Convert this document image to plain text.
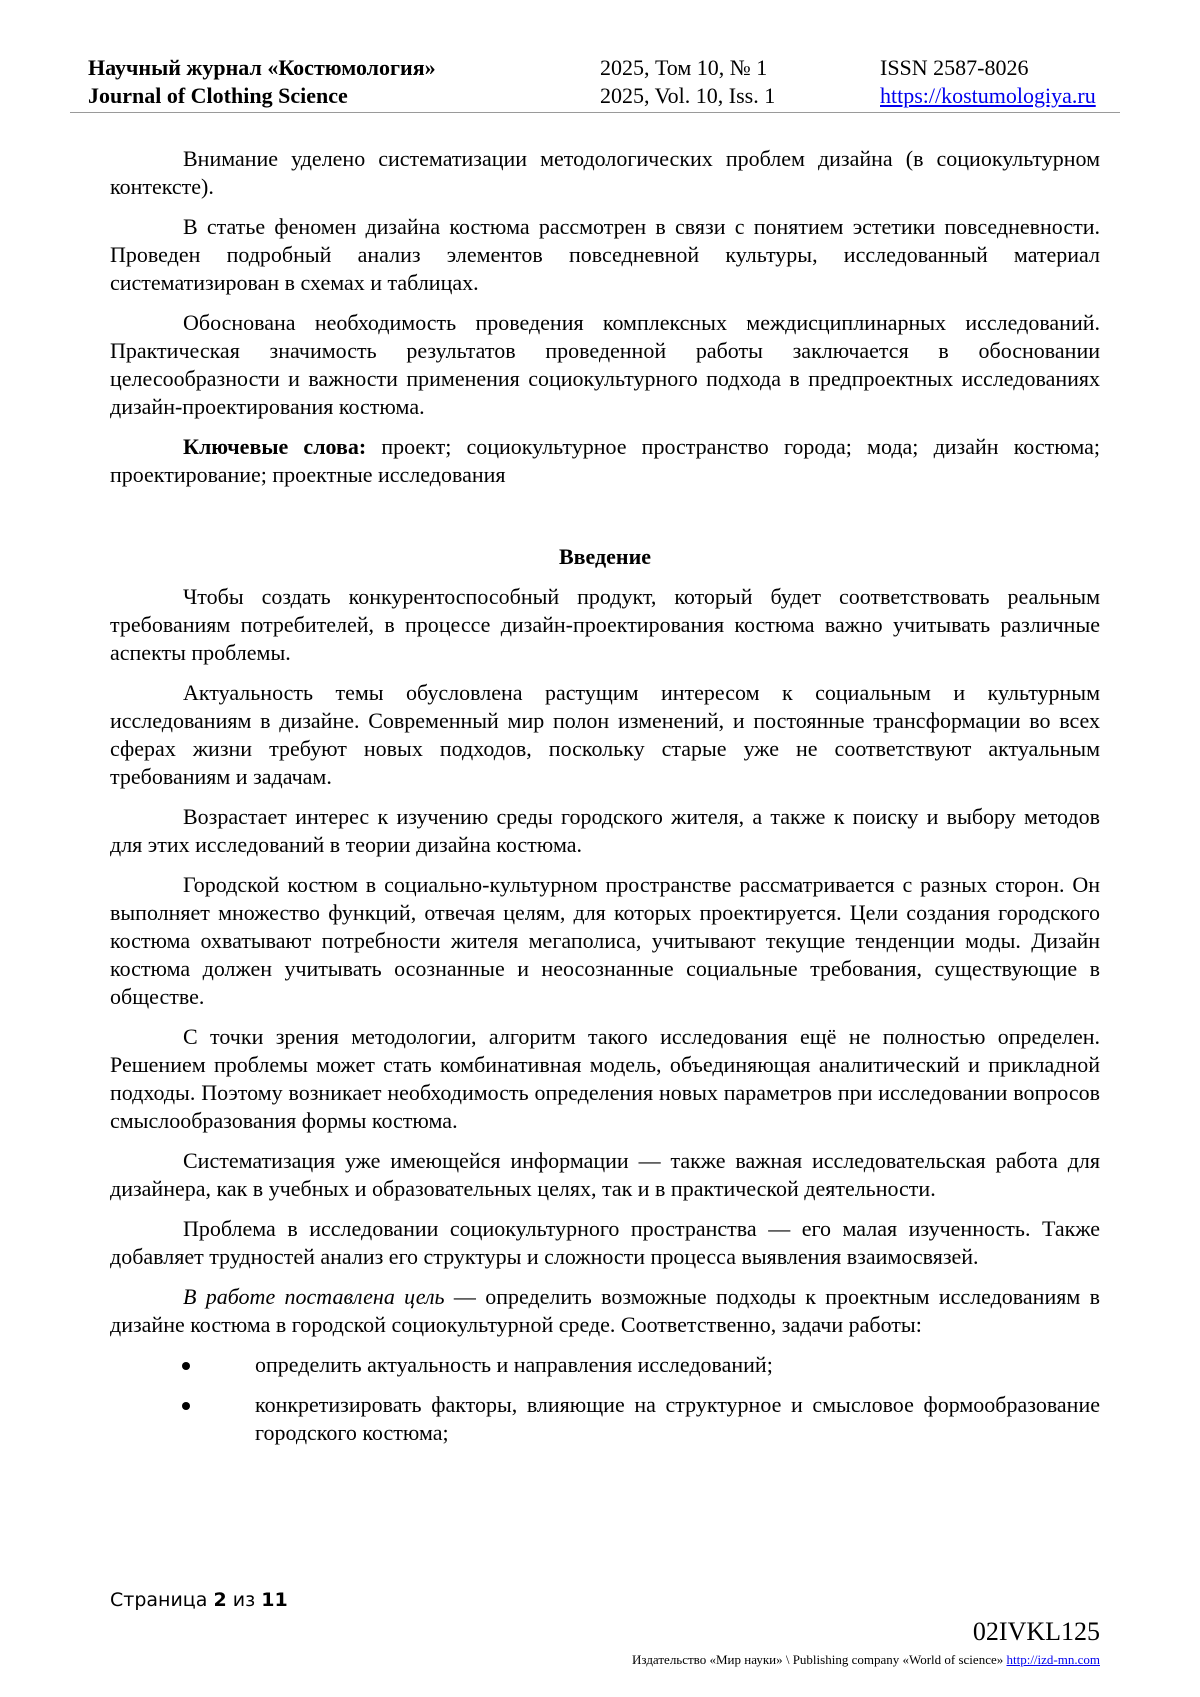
Научный журнал «Костюмология»
Journal of Clothing Science
2025, Том 10, № 1
2025, Vol. 10, Iss. 1
ISSN 2587-8026
https://kostumologiya.ru

Внимание уделено систематизации методологических проблем дизайна (в социокультурном контексте).

В статье феномен дизайна костюма рассмотрен в связи с понятием эстетики повседневности. Проведен подробный анализ элементов повседневной культуры, исследованный материал систематизирован в схемах и таблицах.

Обоснована необходимость проведения комплексных междисциплинарных исследований. Практическая значимость результатов проведенной работы заключается в обосновании целесообразности и важности применения социокультурного подхода в предпроектных исследованиях дизайн-проектирования костюма.

Ключевые слова: проект; социокультурное пространство города; мода; дизайн костюма; проектирование; проектные исследования

Введение

Чтобы создать конкурентоспособный продукт, который будет соответствовать реальным требованиям потребителей, в процессе дизайн-проектирования костюма важно учитывать различные аспекты проблемы.

Актуальность темы обусловлена растущим интересом к социальным и культурным исследованиям в дизайне. Современный мир полон изменений, и постоянные трансформации во всех сферах жизни требуют новых подходов, поскольку старые уже не соответствуют актуальным требованиям и задачам.

Возрастает интерес к изучению среды городского жителя, а также к поиску и выбору методов для этих исследований в теории дизайна костюма.

Городской костюм в социально-культурном пространстве рассматривается с разных сторон. Он выполняет множество функций, отвечая целям, для которых проектируется. Цели создания городского костюма охватывают потребности жителя мегаполиса, учитывают текущие тенденции моды. Дизайн костюма должен учитывать осознанные и неосознанные социальные требования, существующие в обществе.

С точки зрения методологии, алгоритм такого исследования ещё не полностью определен. Решением проблемы может стать комбинативная модель, объединяющая аналитический и прикладной подходы. Поэтому возникает необходимость определения новых параметров при исследовании вопросов смыслообразования формы костюма.

Систематизация уже имеющейся информации — также важная исследовательская работа для дизайнера, как в учебных и образовательных целях, так и в практической деятельности.

Проблема в исследовании социокультурного пространства — его малая изученность. Также добавляет трудностей анализ его структуры и сложности процесса выявления взаимосвязей.

В работе поставлена цель — определить возможные подходы к проектным исследованиям в дизайне костюма в городской социокультурной среде. Соответственно, задачи работы:

определить актуальность и направления исследований;
конкретизировать факторы, влияющие на структурное и смысловое формообразование городского костюма;
Страница 2 из 11
02IVKL125
Издательство «Мир науки» \ Publishing company «World of science» http://izd-mn.com
